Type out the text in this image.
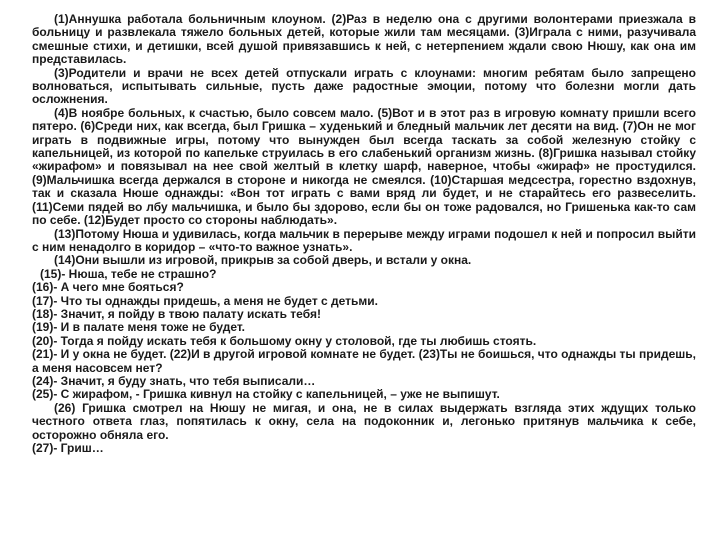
(1)Аннушка работала больничным клоуном. (2)Раз в неделю она с другими волонтерами приезжала в больницу и развлекала тяжело больных детей, которые жили там месяцами. (3)Играла с ними, разучивала смешные стихи, и детишки, всей душой привязавшись к ней, с нетерпением ждали свою Нюшу, как она им представилась.

(3)Родители и врачи не всех детей отпускали играть с клоунами: многим ребятам было запрещено волноваться, испытывать сильные, пусть даже радостные эмоции, потому что болезни могли дать осложнения.

(4)В ноябре больных, к счастью, было совсем мало. (5)Вот и в этот раз в игровую комнату пришли всего пятеро. (6)Среди них, как всегда, был Гришка – худенький и бледный мальчик лет десяти на вид. (7)Он не мог играть в подвижные игры, потому что вынужден был всегда таскать за собой железную стойку с капельницей, из которой по капельке струилась в его слабенький организм жизнь. (8)Гришка называл стойку «жирафом» и повязывал на нее свой желтый в клетку шарф, наверное, чтобы «жираф» не простудился. (9)Мальчишка всегда держался в стороне и никогда не смеялся. (10)Старшая медсестра, горестно вздохнув, так и сказала Нюше однажды: «Вон тот играть с вами вряд ли будет, и не старайтесь его развеселить. (11)Семи пядей во лбу мальчишка, и было бы здорово, если бы он тоже радовался, но Гришенька как-то сам по себе. (12)Будет просто со стороны наблюдать».

(13)Потому Нюша и удивилась, когда мальчик в перерыве между играми подошел к ней и попросил выйти с ним ненадолго в коридор – «что-то важное узнать».

(14)Они вышли из игровой, прикрыв за собой дверь, и встали у окна.

(15)- Нюша, тебе не страшно?

(16)- А чего мне бояться?

(17)- Что ты однажды придешь, а меня не будет с детьми.

(18)- Значит, я пойду в твою палату искать тебя!

(19)- И в палате меня тоже не будет.

(20)- Тогда я пойду искать тебя к большому окну у столовой, где ты любишь стоять.

(21)- И у окна не будет. (22)И в другой игровой комнате не будет. (23)Ты не боишься, что однажды ты придешь, а меня насовсем нет?

(24)- Значит, я буду знать, что тебя выписали…

(25)- С жирафом, - Гришка кивнул на стойку с капельницей, – уже не выпишут.

(26) Гришка смотрел на Нюшу не мигая, и она, не в силах выдержать взгляда этих ждущих только честного ответа глаз, попятилась к окну, села на подоконник и, легонько притянув мальчика к себе, осторожно обняла его.

(27)- Гриш…
